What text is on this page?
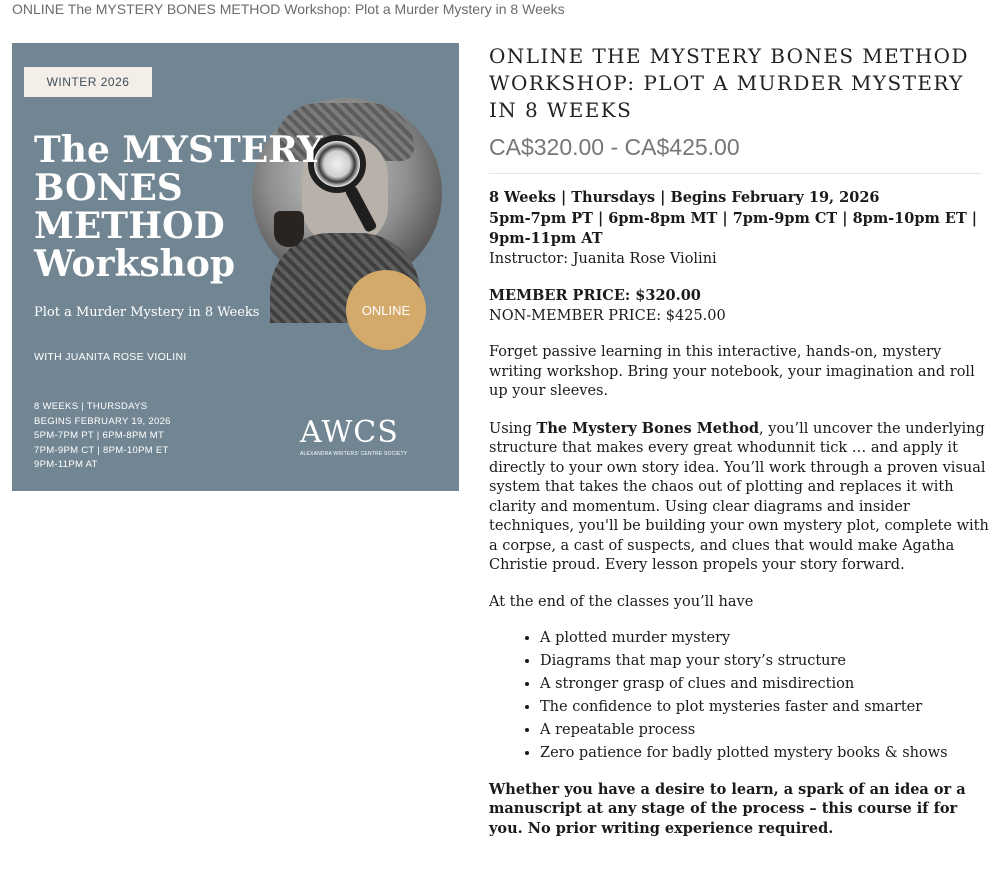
ONLINE The MYSTERY BONES METHOD Workshop: Plot a Murder Mystery in 8 Weeks
WINTER 2026
The MYSTERY
BONES
METHOD
Workshop
Plot a Murder Mystery in 8 Weeks
WITH JUANITA ROSE VIOLINI
8 WEEKS | THURSDAYS
BEGINS FEBRUARY 19, 2026
5PM-7PM PT | 6PM-8PM MT
7PM-9PM CT | 8PM-10PM ET
9PM-11PM AT
ONLINE
AWCS
ALEXANDRA WRITERS' CENTRE SOCIETY
ONLINE THE MYSTERY BONES METHOD WORKSHOP: PLOT A MURDER MYSTERY IN 8 WEEKS
CA$320.00 - CA$425.00

8 Weeks | Thursdays | Begins February 19, 2026
5pm-7pm PT | 6pm-8pm MT | 7pm-9pm CT | 8pm-10pm ET | 9pm-11pm AT
Instructor: Juanita Rose Violini

MEMBER PRICE: $320.00
NON-MEMBER PRICE: $425.00

Forget passive learning in this interactive, hands-on, mystery writing workshop. Bring your notebook, your imagination and roll up your sleeves.

Using The Mystery Bones Method, you’ll uncover the underlying structure that makes every great whodunnit tick … and apply it directly to your own story idea. You’ll work through a proven visual system that takes the chaos out of plotting and replaces it with clarity and momentum. Using clear diagrams and insider techniques, you'll be building your own mystery plot, complete with a corpse, a cast of suspects, and clues that would make Agatha Christie proud. Every lesson propels your story forward.

At the end of the classes you’ll have

• A plotted murder mystery
• Diagrams that map your story’s structure
• A stronger grasp of clues and misdirection
• The confidence to plot mysteries faster and smarter
• A repeatable process
• Zero patience for badly plotted mystery books & shows

Whether you have a desire to learn, a spark of an idea or a manuscript at any stage of the process – this course if for you. No prior writing experience required.
